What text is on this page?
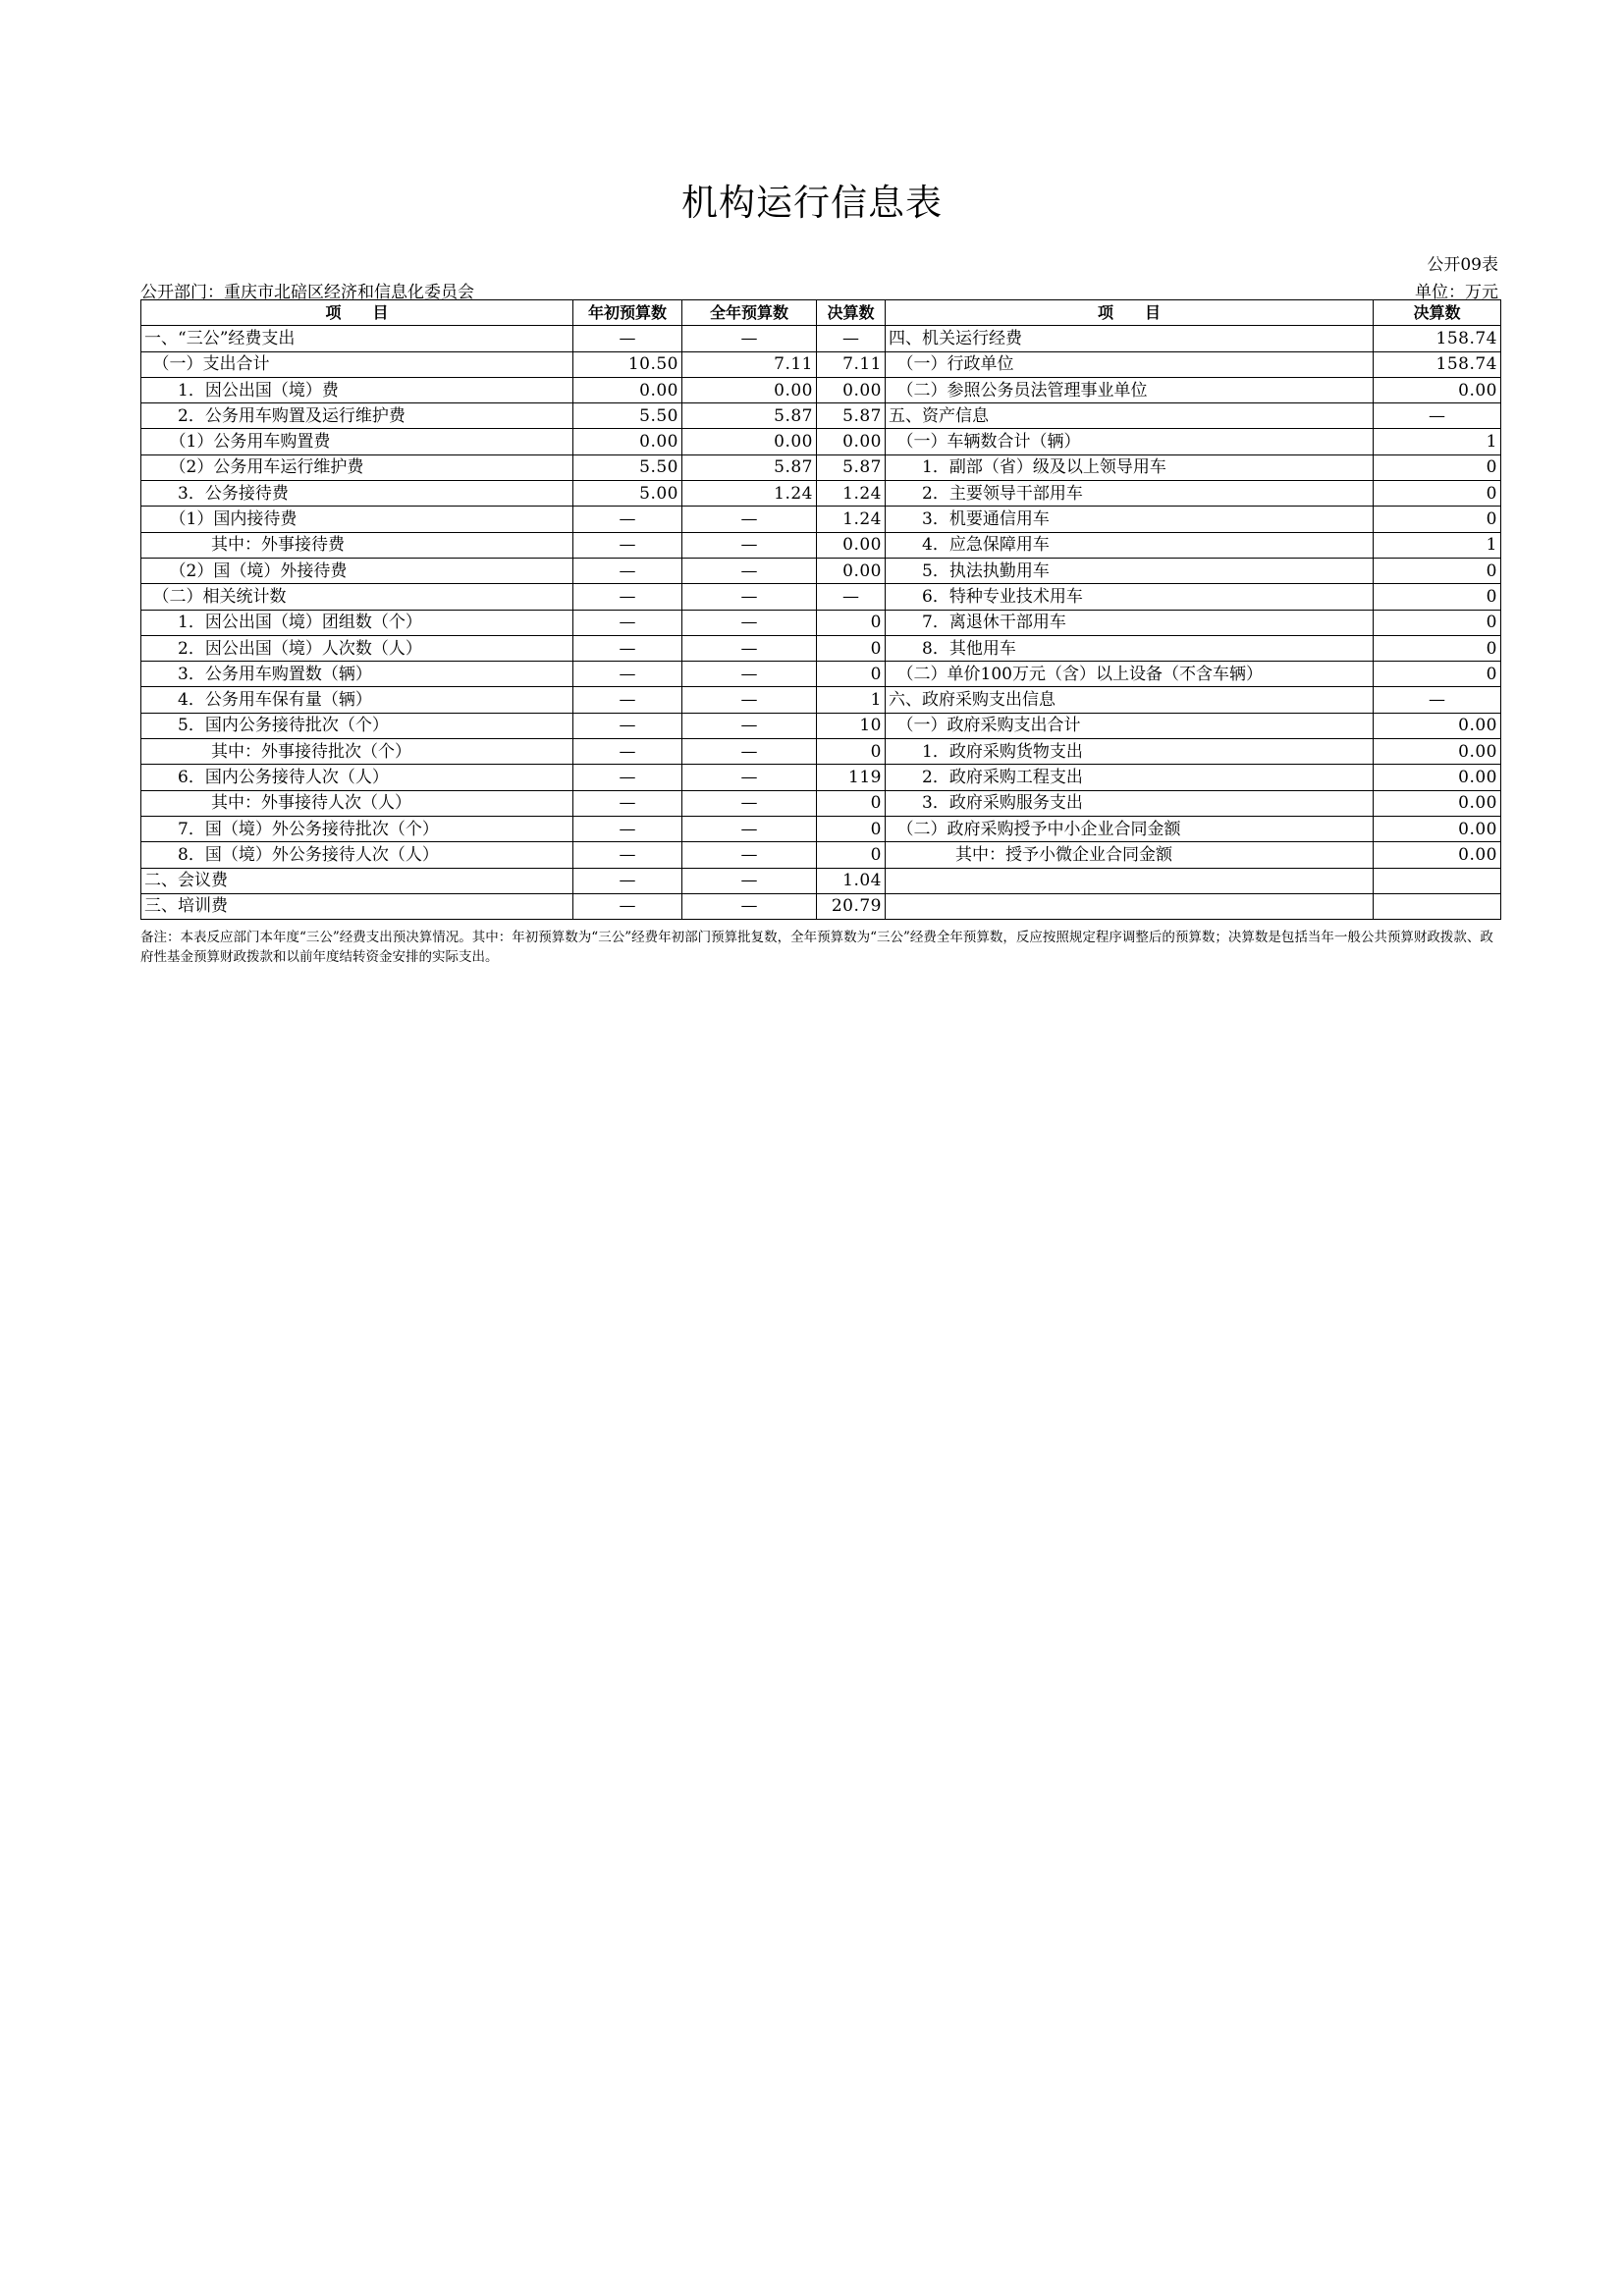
机构运行信息表
公开09表
公开部门：重庆市北碚区经济和信息化委员会	单位：万元
项　　目	年初预算数	全年预算数	决算数	项　　目	决算数
一、“三公”经费支出	—	—	—	四、机关运行经费	158.74
　（一）支出合计	10.50	7.11	7.11	　（一）行政单位	158.74
　　1．因公出国（境）费	0.00	0.00	0.00	　（二）参照公务员法管理事业单位	0.00
　　2．公务用车购置及运行维护费	5.50	5.87	5.87	五、资产信息	—
　　（1）公务用车购置费	0.00	0.00	0.00	　（一）车辆数合计（辆）	1
　　（2）公务用车运行维护费	5.50	5.87	5.87	　　1．副部（省）级及以上领导用车	0
　　3．公务接待费	5.00	1.24	1.24	　　2．主要领导干部用车	0
　　（1）国内接待费	—	—	1.24	　　3．机要通信用车	0
　　　　其中：外事接待费	—	—	0.00	　　4．应急保障用车	1
　　（2）国（境）外接待费	—	—	0.00	　　5．执法执勤用车	0
　（二）相关统计数	—	—	—	　　6．特种专业技术用车	0
　　1．因公出国（境）团组数（个）	—	—	0	　　7．离退休干部用车	0
　　2．因公出国（境）人次数（人）	—	—	0	　　8．其他用车	0
　　3．公务用车购置数（辆）	—	—	0	　（二）单价100万元（含）以上设备（不含车辆）	0
　　4．公务用车保有量（辆）	—	—	1	六、政府采购支出信息	—
　　5．国内公务接待批次（个）	—	—	10	　（一）政府采购支出合计	0.00
　　　　其中：外事接待批次（个）	—	—	0	　　1．政府采购货物支出	0.00
　　6．国内公务接待人次（人）	—	—	119	　　2．政府采购工程支出	0.00
　　　　其中：外事接待人次（人）	—	—	0	　　3．政府采购服务支出	0.00
　　7．国（境）外公务接待批次（个）	—	—	0	　（二）政府采购授予中小企业合同金额	0.00
　　8．国（境）外公务接待人次（人）	—	—	0	　　　　其中：授予小微企业合同金额	0.00
二、会议费	—	—	1.04		
三、培训费	—	—	20.79		
备注：本表反应部门本年度“三公”经费支出预决算情况。其中：年初预算数为“三公”经费年初部门预算批复数，全年预算数为“三公”经费全年预算数，反应按照规定程序调整后的预算数；决算数是包括当年一般公共预算财政拨款、政府性基金预算财政拨款和以前年度结转资金安排的实际支出。
